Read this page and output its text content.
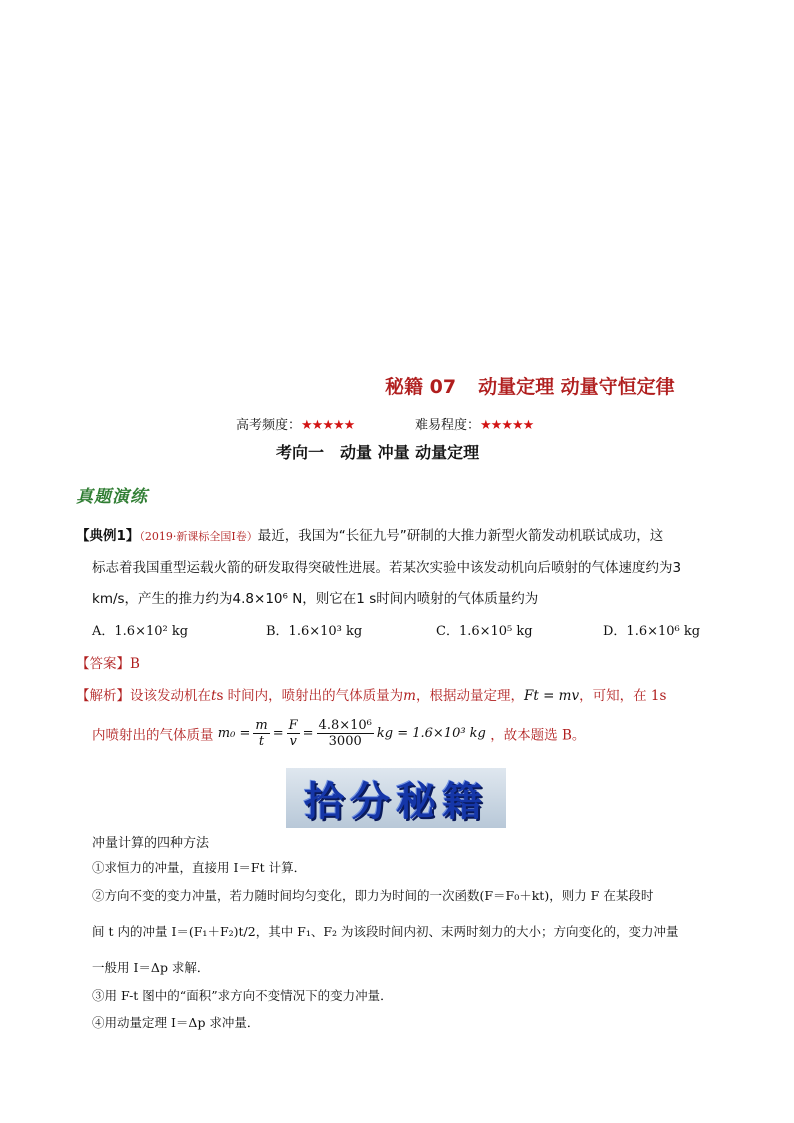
秘籍 07 动量定理 动量守恒定律
高考频度：★★★★★	难易程度：★★★★★
考向一　动量 冲量 动量定理
真题演练
【典例1】（2019·新课标全国Ⅰ卷）最近，我国为“长征九号”研制的大推力新型火箭发动机联试成功，这
标志着我国重型运载火箭的研发取得突破性进展。若某次实验中该发动机向后喷射的气体速度约为3
km/s，产生的推力约为4.8×10⁶ N，则它在1 s时间内喷射的气体质量约为
A．1.6×10² kg	B．1.6×10³ kg	C．1.6×10⁵ kg	D．1.6×10⁶ kg
【答案】B
【解析】设该发动机在ts 时间内，喷射出的气体质量为m，根据动量定理，Ft = mv，可知，在 1s
内喷射出的气体质量 $m_0 = \frac{m}{t} = \frac{F}{v} = \frac{\text{4.8×10⁶}}{3000}$ kg = 1.6×10³ kg ，故本题选 B。
拾分秘籍
冲量计算的四种方法
①求恒力的冲量，直接用 I＝Ft 计算．
②方向不变的变力冲量，若力随时间均匀变化，即力为时间的一次函数(F＝F₀＋kt)，则力 F 在某段时
间 t 内的冲量 I＝(F₁＋F₂)t/2，其中 F₁、F₂ 为该段时间内初、末两时刻力的大小；方向变化的，变力冲量
一般用 I＝Δp 求解．
③用 F-t 图中的“面积”求方向不变情况下的变力冲量．
④用动量定理 I＝Δp 求冲量．
